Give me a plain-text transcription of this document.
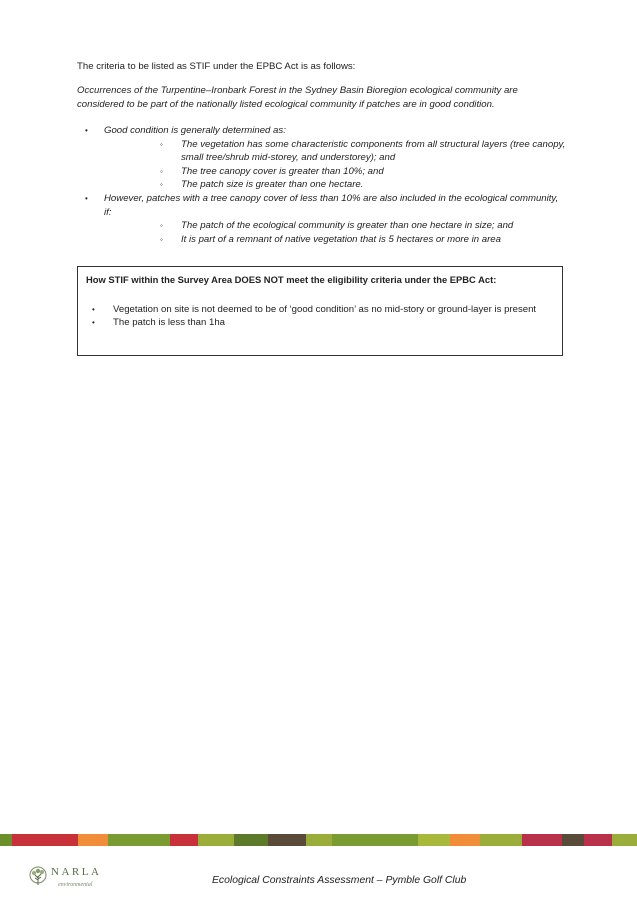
The criteria to be listed as STIF under the EPBC Act is as follows:

Occurrences of the Turpentine–Ironbark Forest in the Sydney Basin Bioregion ecological community are considered to be part of the nationally listed ecological community if patches are in good condition.

• Good condition is generally determined as:
◦ The vegetation has some characteristic components from all structural layers (tree canopy, small tree/shrub mid-storey, and understorey); and
◦ The tree canopy cover is greater than 10%; and
◦ The patch size is greater than one hectare.
• However, patches with a tree canopy cover of less than 10% are also included in the ecological community, if:
◦ The patch of the ecological community is greater than one hectare in size; and
◦ It is part of a remnant of native vegetation that is 5 hectares or more in area

How STIF within the Survey Area DOES NOT meet the eligibility criteria under the EPBC Act:

• Vegetation on site is not deemed to be of ‘good condition’ as no mid-story or ground-layer is present
• The patch is less than 1ha
NARLA
environmental	Ecological Constraints Assessment – Pymble Golf Club
